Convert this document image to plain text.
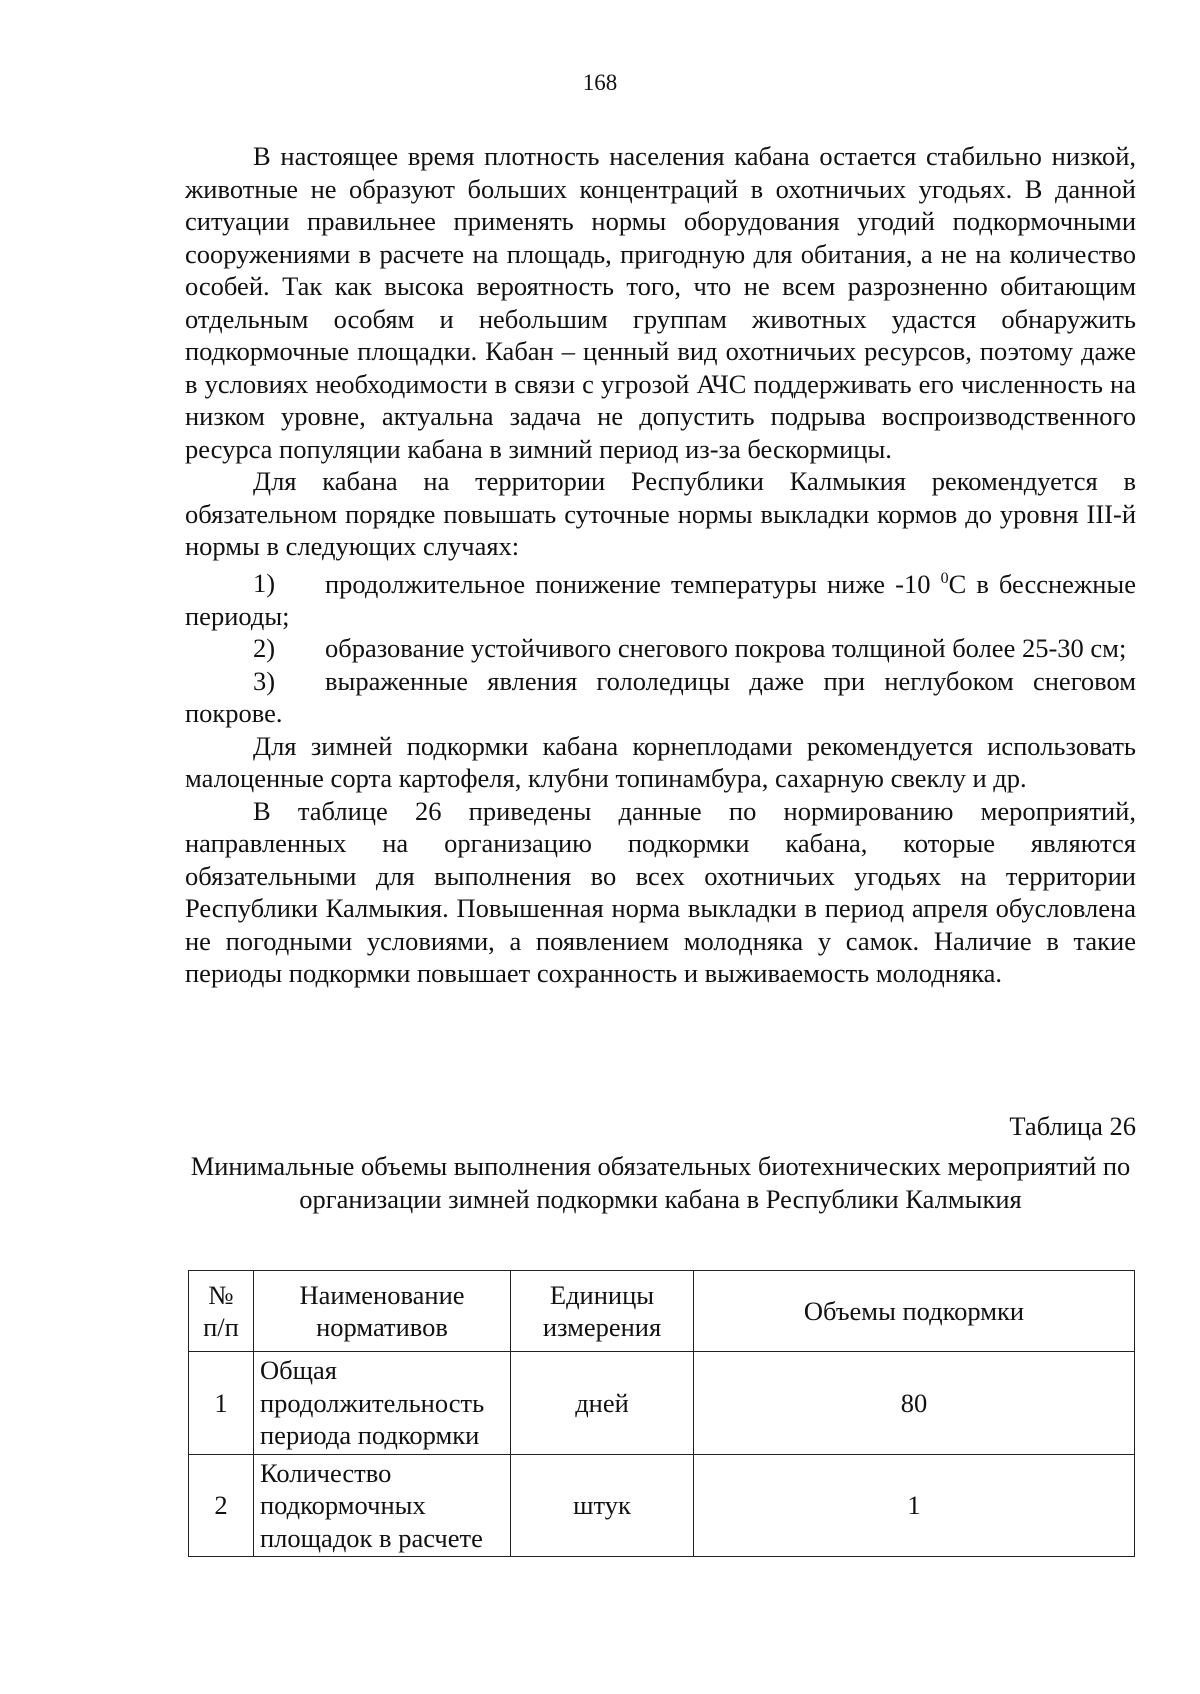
168

В настоящее время плотность населения кабана остается стабильно низкой, животные не образуют больших концентраций в охотничьих угодьях. В данной ситуации правильнее применять нормы оборудования угодий подкормочными сооружениями в расчете на площадь, пригодную для обитания, а не на количество особей. Так как высока вероятность того, что не всем разрозненно обитающим отдельным особям и небольшим группам животных удастся обнаружить подкормочные площадки. Кабан – ценный вид охотничьих ресурсов, поэтому даже в условиях необходимости в связи с угрозой АЧС поддерживать его численность на низком уровне, актуальна задача не допустить подрыва воспроизводственного ресурса популяции кабана в зимний период из-за бескормицы.

Для кабана на территории Республики Калмыкия рекомендуется в обязательном порядке повышать суточные нормы выкладки кормов до уровня III-й нормы в следующих случаях:

1) продолжительное понижение температуры ниже -10 $^0$С в бесснежные периоды;

2) образование устойчивого снегового покрова толщиной более 25-30 см;

3) выраженные явления гололедицы даже при неглубоком снеговом покрове.

Для зимней подкормки кабана корнеплодами рекомендуется использовать малоценные сорта картофеля, клубни топинамбура, сахарную свеклу и др.

В таблице 26 приведены данные по нормированию мероприятий, направленных на организацию подкормки кабана, которые являются обязательными для выполнения во всех охотничьих угодьях на территории Республики Калмыкия. Повышенная норма выкладки в период апреля обусловлена не погодными условиями, а появлением молодняка у самок. Наличие в такие периоды подкормки повышает сохранность и выживаемость молодняка.

Таблица 26
Минимальные объемы выполнения обязательных биотехнических мероприятий по организации зимней подкормки кабана в Республики Калмыкия
№ п/п	Наименование нормативов	Единицы измерения	Объемы подкормки
1	Общая продолжительность периода подкормки	дней	80
2	Количество подкормочных площадок в расчете	штук	1
